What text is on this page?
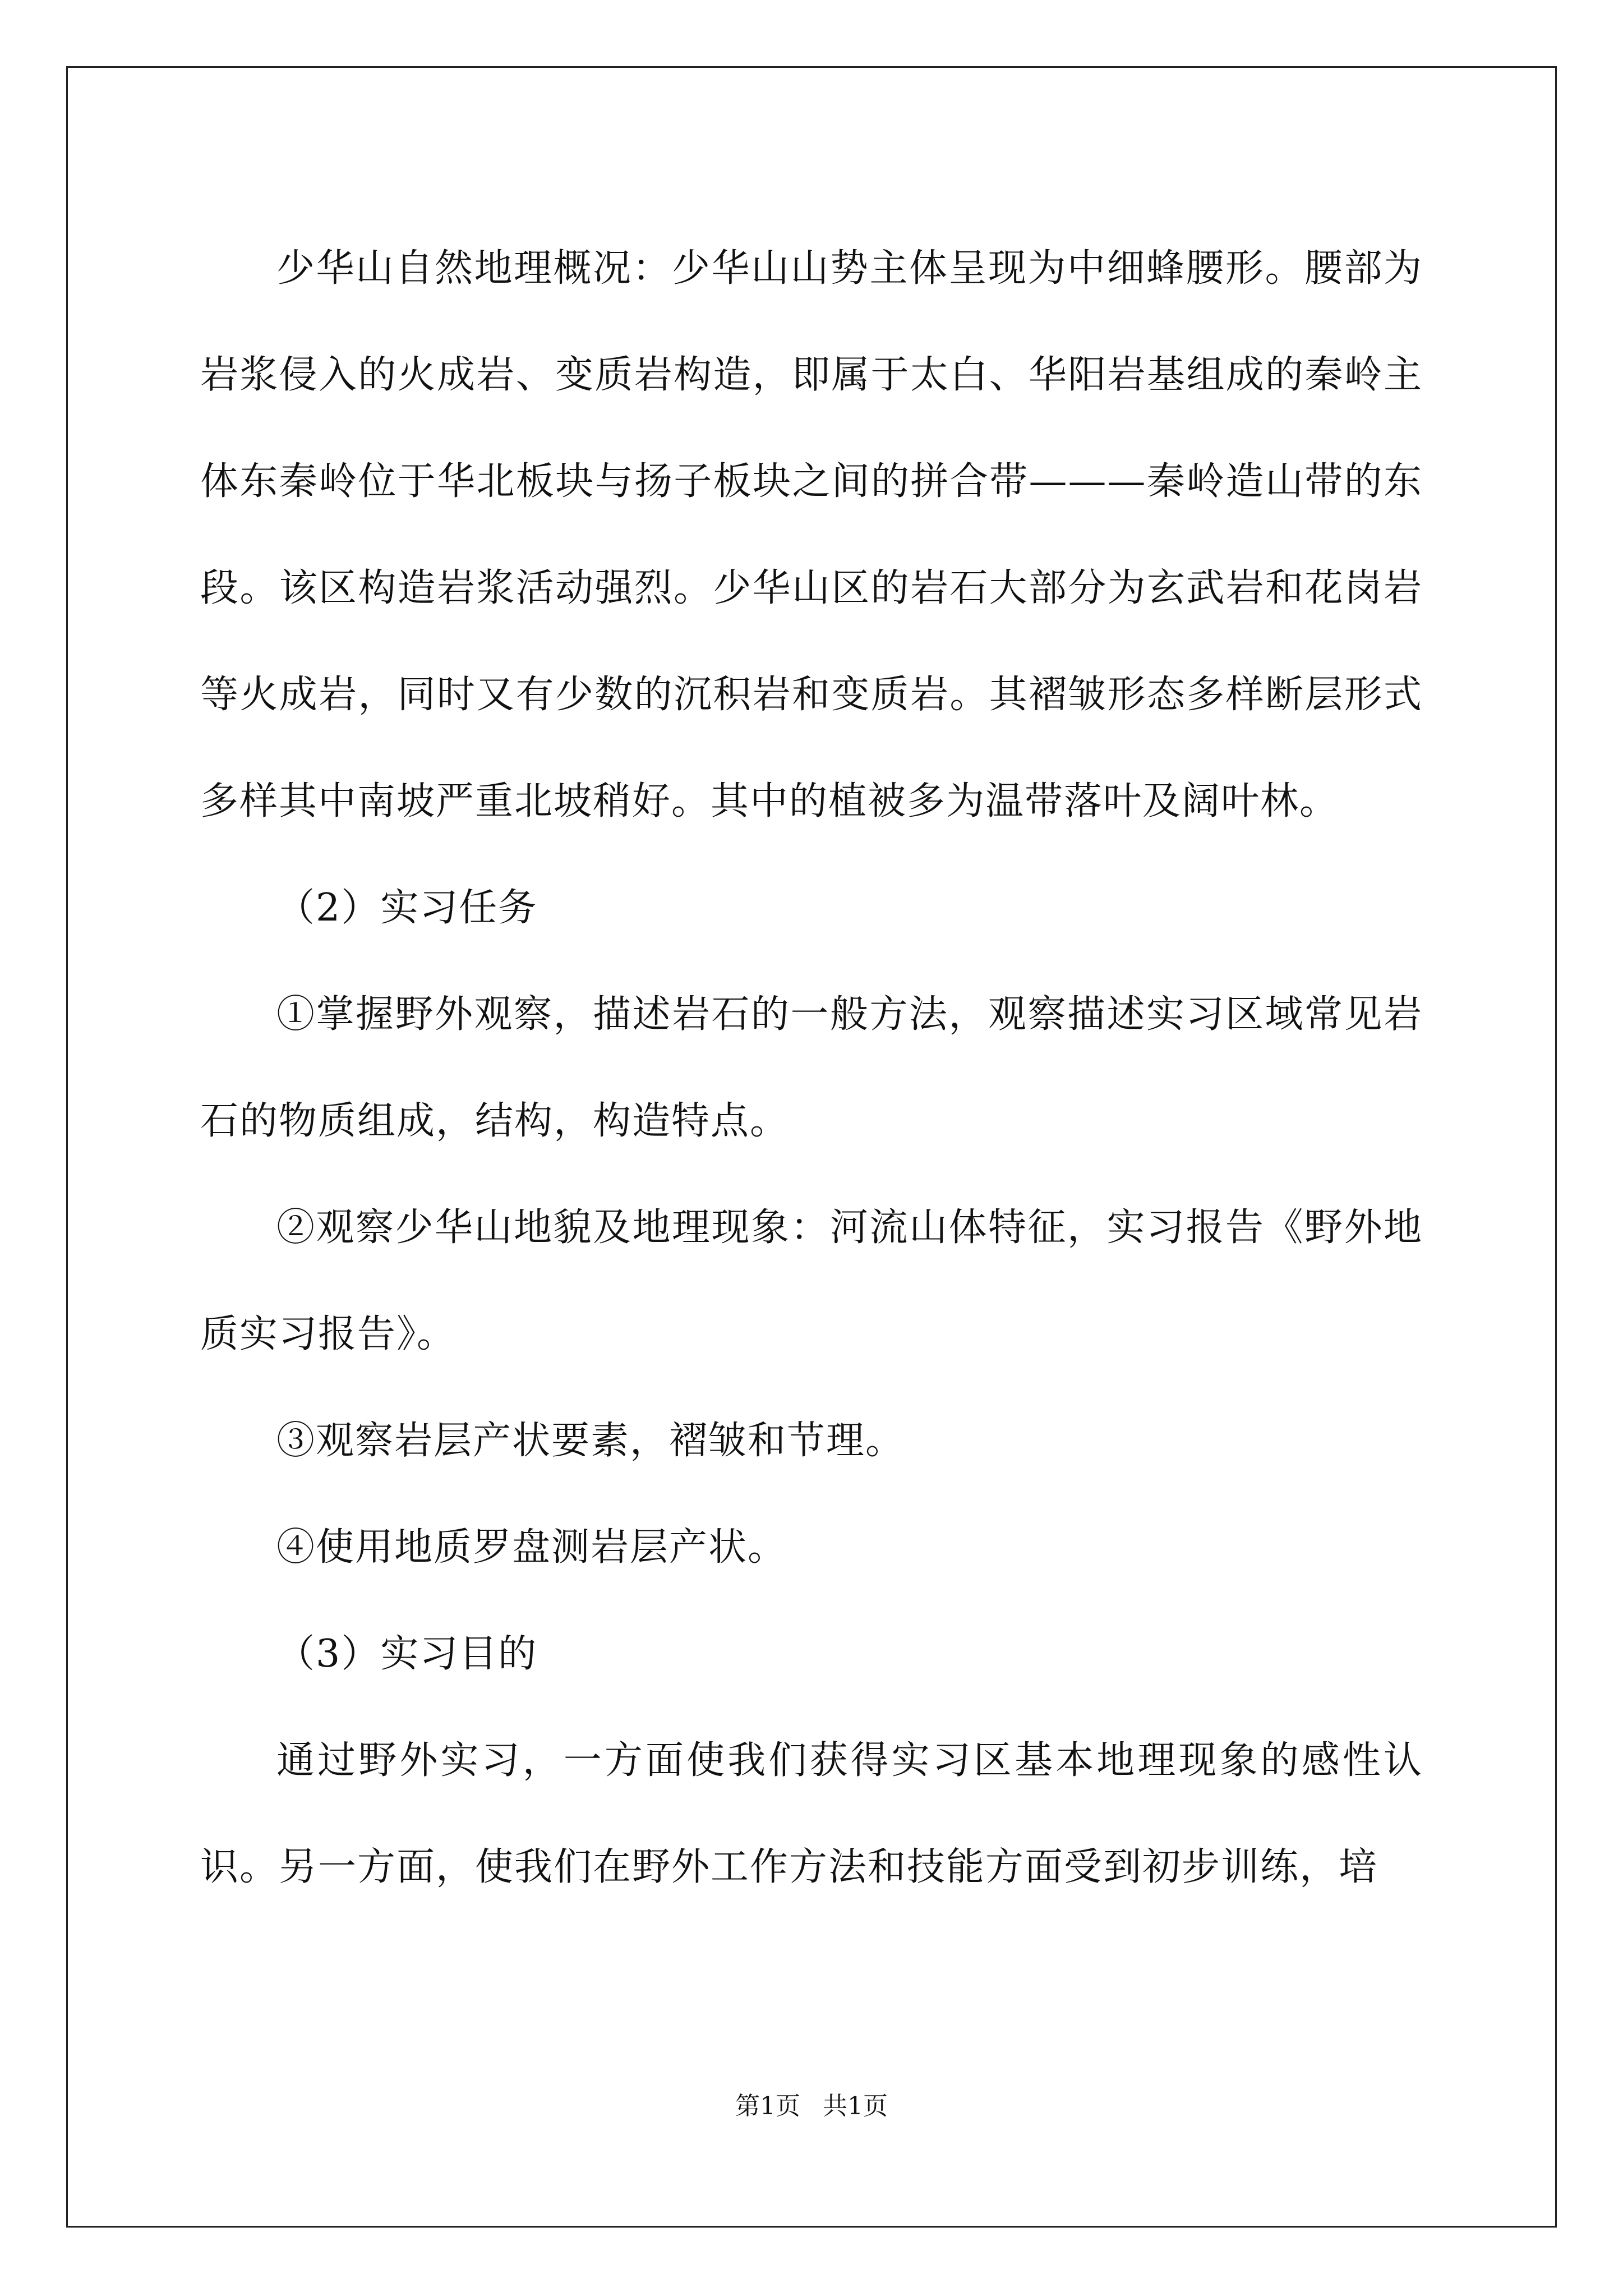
少华山自然地理概况：少华山山势主体呈现为中细蜂腰形。腰部为岩浆侵入的火成岩、变质岩构造，即属于太白、华阳岩基组成的秦岭主体东秦岭位于华北板块与扬子板块之间的拼合带———秦岭造山带的东段。该区构造岩浆活动强烈。少华山区的岩石大部分为玄武岩和花岗岩等火成岩，同时又有少数的沉积岩和变质岩。其褶皱形态多样断层形式多样其中南坡严重北坡稍好。其中的植被多为温带落叶及阔叶林。

（2）实习任务

①掌握野外观察，描述岩石的一般方法，观察描述实习区域常见岩石的物质组成，结构，构造特点。

②观察少华山地貌及地理现象：河流山体特征，实习报告《野外地质实习报告》。

③观察岩层产状要素，褶皱和节理。

④使用地质罗盘测岩层产状。

（3）实习目的

通过野外实习，一方面使我们获得实习区基本地理现象的感性认识。另一方面，使我们在野外工作方法和技能方面受到初步训练，培

第1页 共1页
